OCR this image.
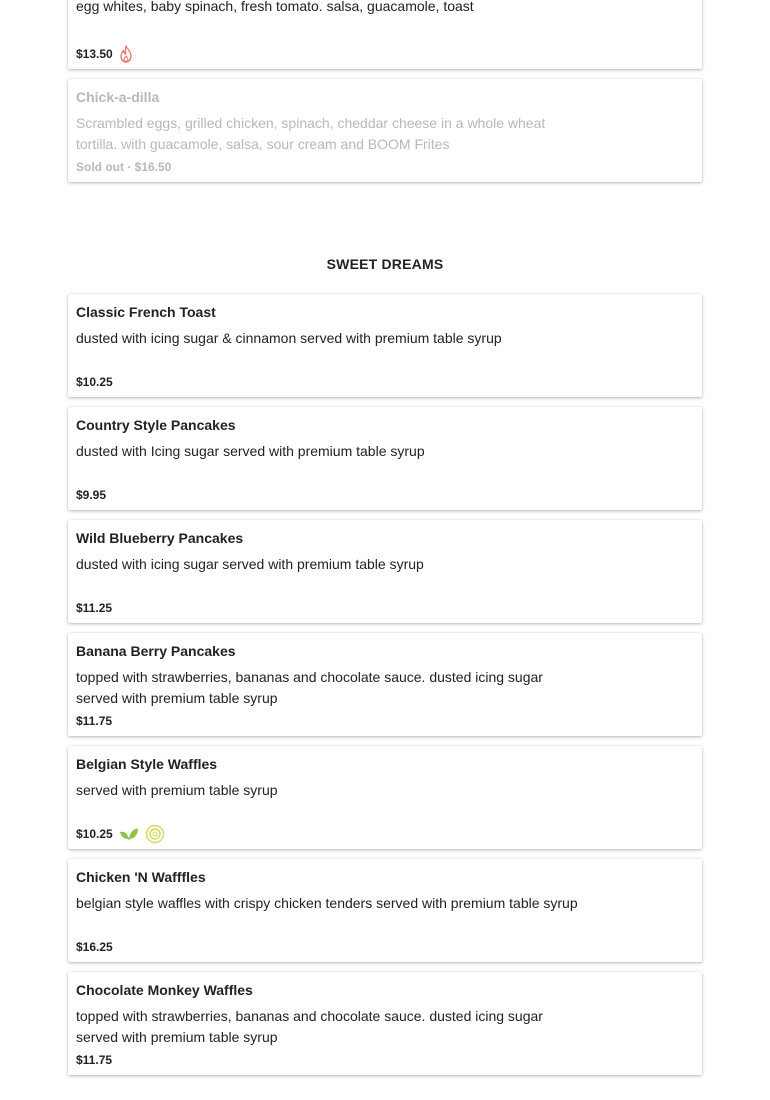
egg whites, baby spinach, fresh tomato. salsa, guacamole, toast
$13.50
Chick-a-dilla
Scrambled eggs, grilled chicken, spinach, cheddar cheese in a whole wheat tortilla. with guacamole, salsa, sour cream and BOOM Frites
Sold out · $16.50
SWEET DREAMS
Classic French Toast
dusted with icing sugar & cinnamon served with premium table syrup
$10.25
Country Style Pancakes
dusted with Icing sugar served with premium table syrup
$9.95
Wild Blueberry Pancakes
dusted with icing sugar served with premium table syrup
$11.25
Banana Berry Pancakes
topped with strawberries, bananas and chocolate sauce. dusted icing sugar served with premium table syrup
$11.75
Belgian Style Waffles
served with premium table syrup
$10.25
Chicken 'N Wafffles
belgian style waffles with crispy chicken tenders served with premium table syrup
$16.25
Chocolate Monkey Waffles
topped with strawberries, bananas and chocolate sauce. dusted icing sugar served with premium table syrup
$11.75
